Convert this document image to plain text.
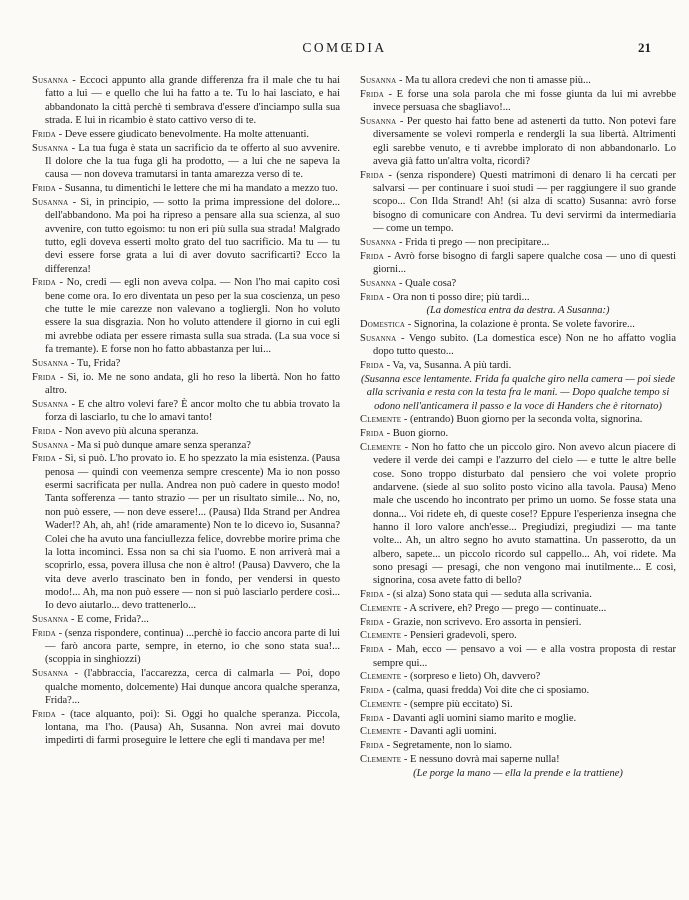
COMŒDIA	21

Susanna - Eccoci appunto alla grande differenza fra il male che tu hai fatto a lui — e quello che lui ha fatto a te. Tu lo hai lasciato, e hai abbandonato la città perchè ti sembrava d'essere d'inciampo sulla sua strada. E lui in ricambio è stato cattivo verso di te.

Frida - Deve essere giudicato benevolmente. Ha molte attenuanti.

Susanna - La tua fuga è stata un sacrificio da te offerto al suo avvenire. Il dolore che la tua fuga gli ha prodotto, — a lui che ne sapeva la causa — non doveva tramutarsi in tanta amarezza verso di te.

Frida - Susanna, tu dimentichi le lettere che mi ha mandato a mezzo tuo.

Susanna - Sì, in principio, — sotto la prima impressione del dolore... dell'abbandono. Ma poi ha ripreso a pensare alla sua scienza, al suo avvenire, con tutto egoismo: tu non eri più sulla sua strada! Malgrado tutto, egli doveva esserti molto grato del tuo sacrificio. Ma tu — tu devi essere forse grata a lui di aver dovuto sacrificarti? Ecco la differenza!

Frida - No, credi — egli non aveva colpa. — Non l'ho mai capito così bene come ora. Io ero diventata un peso per la sua coscienza, un peso che tutte le mie carezze non valevano a togliergli. Non ho voluto essere la sua disgrazia. Non ho voluto attendere il giorno in cui egli mi avrebbe odiata per essere rimasta sulla sua strada. (La sua voce si fa tremante). E forse non ho fatto abbastanza per lui...

Susanna - Tu, Frida?

Frida - Sì, io. Me ne sono andata, gli ho reso la libertà. Non ho fatto altro.

Susanna - E che altro volevi fare? È ancor molto che tu abbia trovato la forza di lasciarlo, tu che lo amavi tanto!

Frida - Non avevo più alcuna speranza.

Susanna - Ma si può dunque amare senza speranza?

Frida - Sì, si può. L'ho provato io. E ho spezzato la mia esistenza. (Pausa penosa — quindi con veemenza sempre crescente) Ma io non posso esermi sacrificata per nulla. Andrea non può cadere in questo modo! Tanta sofferenza — tanto strazio — per un risultato simile... No, no, non può essere, — non deve essere!... (Pausa) Ilda Strand per Andrea Wader!? Ah, ah, ah! (ride amaramente) Non te lo dicevo io, Susanna? Colei che ha avuto una fanciullezza felice, dovrebbe morire prima che la lotta incominci. Essa non sa chi sia l'uomo. E non arriverà mai a scoprirlo, essa, povera illusa che non è altro! (Pausa) Davvero, che la vita deve averlo trascinato ben in fondo, per vendersi in questo modo!... Ah, ma non può essere — non si può lasciarlo perdere così... Io devo aiutarlo... devo trattenerlo...

Susanna - E come, Frida?...

Frida - (senza rispondere, continua) ...perchè io faccio ancora parte di lui — farò ancora parte, sempre, in eterno, io che sono stata sua!... (scoppia in singhiozzi)

Susanna - (l'abbraccia, l'accarezza, cerca di calmarla — Poi, dopo qualche momento, dolcemente) Hai dunque ancora qualche speranza, Frida?...

Frida - (tace alquanto, poi): Sì. Oggi ho qualche speranza. Piccola, lontana, ma l'ho. (Pausa) Ah, Susanna. Non avrei mai dovuto impedirti di farmi proseguire le lettere che egli ti mandava per me!

Susanna - Ma tu allora credevi che non ti amasse più...

Frida - E forse una sola parola che mi fosse giunta da lui mi avrebbe invece persuasa che sbagliavo!...

Susanna - Per questo hai fatto bene ad astenerti da tutto. Non potevi fare diversamente se volevi romperla e rendergli la sua libertà. Altrimenti egli sarebbe venuto, e ti avrebbe implorato di non abbandonarlo. Lo aveva già fatto un'altra volta, ricordi?

Frida - (senza rispondere) Questi matrimoni di denaro li ha cercati per salvarsi — per continuare i suoi studi — per raggiungere il suo grande scopo... Con Ilda Strand! Ah! (si alza di scatto) Susanna: avrò forse bisogno di comunicare con Andrea. Tu devi servirmi da intermediaria — come un tempo.

Susanna - Frida ti prego — non precipitare...

Frida - Avrò forse bisogno di fargli sapere qualche cosa — uno di questi giorni...

Susanna - Quale cosa?

Frida - Ora non ti posso dire; più tardi...

(La domestica entra da destra. A Susanna:)

Domestica - Signorina, la colazione è pronta. Se volete favorire...

Susanna - Vengo subito. (La domestica esce) Non ne ho affatto voglia dopo tutto questo...

Frida - Va, va, Susanna. A più tardi.

(Susanna esce lentamente. Frida fa qualche giro nella camera — poi siede alla scrivania e resta con la testa fra le mani. — Dopo qualche tempo si odono nell'anticamera il passo e la voce di Handers che è ritornato)

Clemente - (entrando) Buon giorno per la seconda volta, signorina.

Frida - Buon giorno.

Clemente - Non ho fatto che un piccolo giro. Non avevo alcun piacere di vedere il verde dei campi e l'azzurro del cielo — e tutte le altre belle cose. Sono troppo disturbato dal pensiero che voi volete proprio andarvene. (siede al suo solito posto vicino alla tavola. Pausa) Meno male che uscendo ho incontrato per primo un uomo. Se fosse stata una donna... Voi ridete eh, di queste cose!? Eppure l'esperienza insegna che hanno il loro valore anch'esse... Pregiudizi, pregiudizi — ma tante volte... Ah, un altro segno ho avuto stamattina. Un passerotto, da un albero, sapete... un piccolo ricordo sul cappello... Ah, voi ridete. Ma sono presagi — presagi, che non vengono mai inutilmente... E così, signorina, cosa avete fatto di bello?

Frida - (si alza) Sono stata qui — seduta alla scrivania.

Clemente - A scrivere, eh? Prego — prego — continuate...

Frida - Grazie, non scrivevo. Ero assorta in pensieri.

Clemente - Pensieri gradevoli, spero.

Frida - Mah, ecco — pensavo a voi — e alla vostra proposta di restar sempre qui...

Clemente - (sorpreso e lieto) Oh, davvero?

Frida - (calma, quasi fredda) Voi dite che ci sposiamo.

Clemente - (sempre più eccitato) Sì.

Frida - Davanti agli uomini siamo marito e moglie.

Clemente - Davanti agli uomini.

Frida - Segretamente, non lo siamo.

Clemente - E nessuno dovrà mai saperne nulla!

(Le porge la mano — ella la prende e la trattiene)
